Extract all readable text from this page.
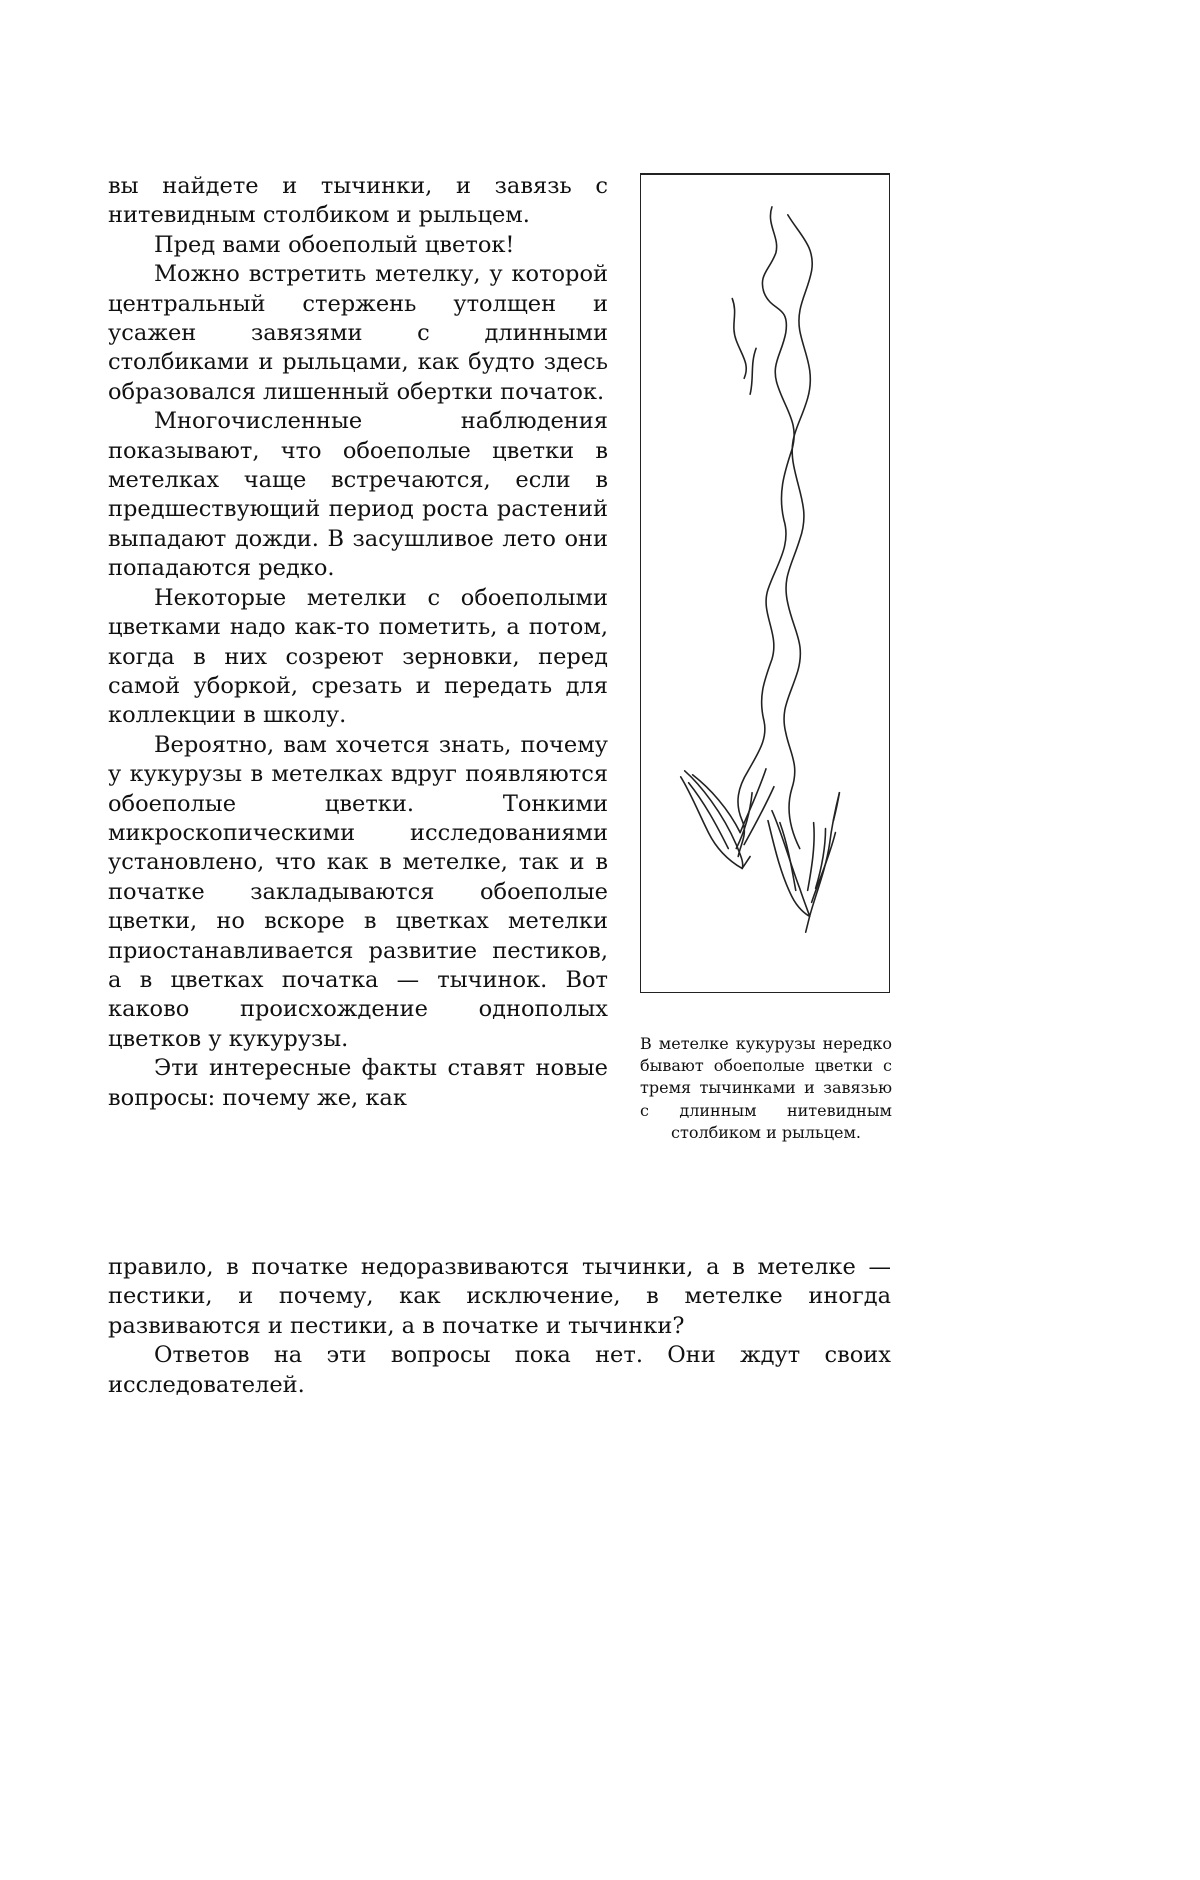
вы найдете и тычинки, и завязь с нитевидным столбиком и рыльцем.

Пред вами обоеполый цветок!

Можно встретить метелку, у которой центральный стержень утолщен и усажен завязями с длинными столбиками и рыльцами, как будто здесь образовался лишенный обертки початок.

Многочисленные наблюдения показывают, что обоеполые цветки в метелках чаще встречаются, если в предшествующий период роста растений выпадают дожди. В засушливое лето они попадаются редко.

Некоторые метелки с обоеполыми цветками надо как-то пометить, а потом, когда в них созреют зерновки, перед самой уборкой, срезать и передать для коллекции в школу.

Вероятно, вам хочется знать, почему у кукурузы в метелках вдруг появляются обоеполые цветки. Тонкими микроскопическими исследованиями установлено, что как в метелке, так и в початке закладываются обоеполые цветки, но вскоре в цветках метелки приостанавливается развитие пестиков, а в цветках початка — тычинок. Вот каково происхождение однополых цветков у кукурузы.

Эти интересные факты ставят новые вопросы: почему же, как

В метелке кукурузы нередко бывают обоеполые цветки с тремя тычинками и завязью с длинным нитевидным столбиком и рыльцем.

правило, в початке недоразвиваются тычинки, а в метелке — пестики, и почему, как исключение, в метелке иногда развиваются и пестики, а в початке и тычинки?

Ответов на эти вопросы пока нет. Они ждут своих исследователей.
